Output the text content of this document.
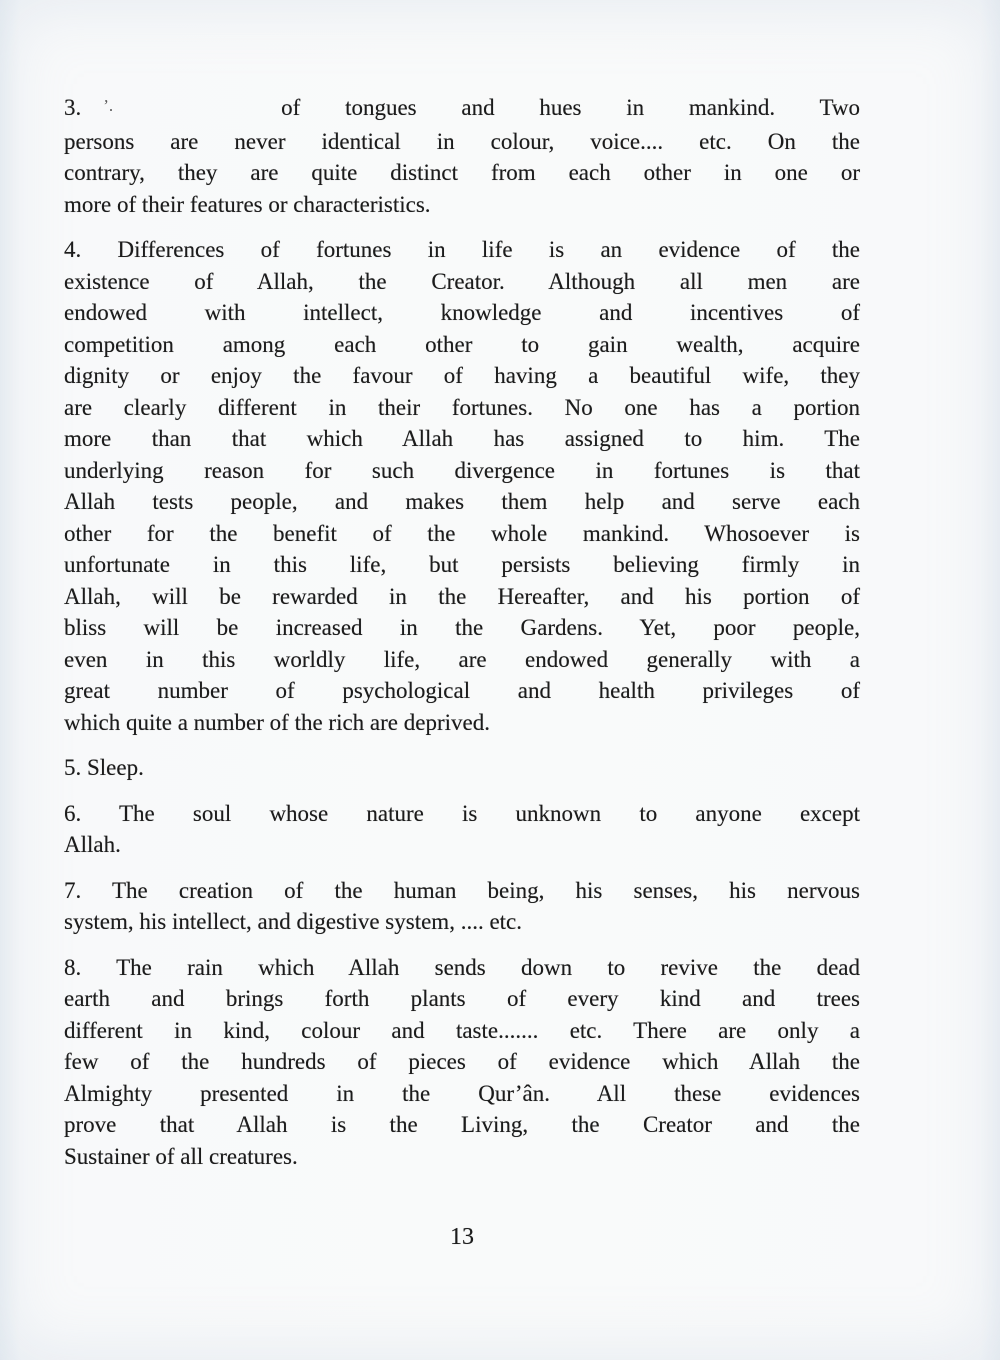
3. ’.	of tongues and hues in mankind. Two
persons are never identical in colour, voice.... etc. On the
contrary, they are quite distinct from each other in one or
more of their features or characteristics.
4. Differences of fortunes in life is an evidence of the
existence of Allah, the Creator. Although all men are
endowed with intellect, knowledge and incentives of
competition among each other to gain wealth, acquire
dignity or enjoy the favour of having a beautiful wife, they
are clearly different in their fortunes. No one has a portion
more than that which Allah has assigned to him. The
underlying reason for such divergence in fortunes is that
Allah tests people, and makes them help and serve each
other for the benefit of the whole mankind. Whosoever is
unfortunate in this life, but persists believing firmly in
Allah, will be rewarded in the Hereafter, and his portion of
bliss will be increased in the Gardens. Yet, poor people,
even in this worldly life, are endowed generally with a
great number of psychological and health privileges of
which quite a number of the rich are deprived.
5. Sleep.
6. The soul whose nature is unknown to anyone except
Allah.
7. The creation of the human being, his senses, his nervous
system, his intellect, and digestive system, .... etc.
8. The rain which Allah sends down to revive the dead
earth and brings forth plants of every kind and trees
different in kind, colour and taste....... etc. There are only a
few of the hundreds of pieces of evidence which Allah the
Almighty presented in the Qur’ân. All these evidences
prove that Allah is the Living, the Creator and the
Sustainer of all creatures.
13
